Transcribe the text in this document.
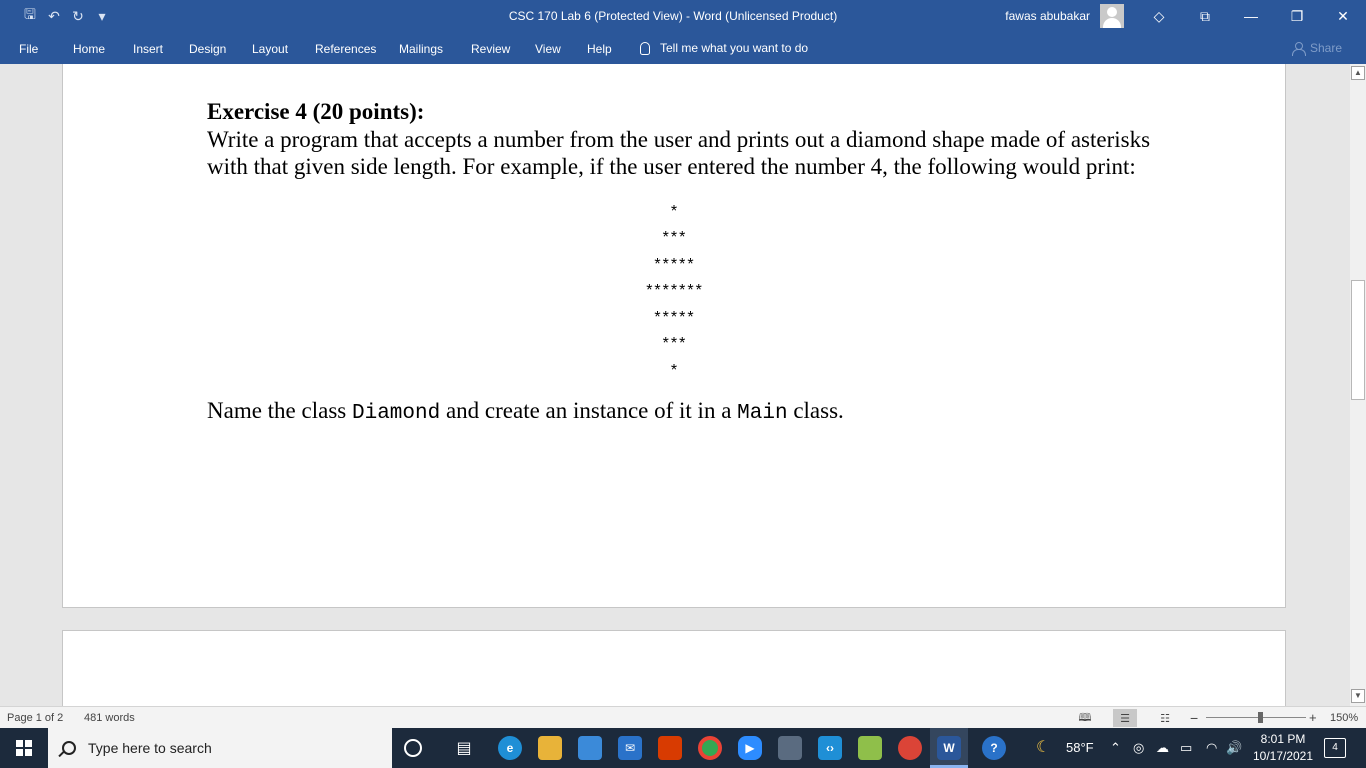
🖫 ↶ ↻	▾	CSC 170 Lab 6 (Protected View) - Word (Unlicensed Product)	fawas abubakar	◇	⧉	—	❐	✕
File	Home Insert Design Layout References Mailings Review View Help	Tell me what you want to do	Share
Exercise 4 (20 points):
Write a program that accepts a number from the user and prints out a diamond shape made of asterisks with that given side length. For example, if the user entered the number 4, the following would print:
*
***
*****
*******
*****
***
*
Name the class Diamond and create an instance of it in a Main class.
▲
▼
Page 1 of 2 481 words	🕮	☰	☷	−	+ 150%
Type here to search	▤	e	✉	▶	‹›	W	?	☾ 58°F ⌃ ◎ ☁ ▭ ◠ 🔊
8:01 PM
10/17/2021
4
